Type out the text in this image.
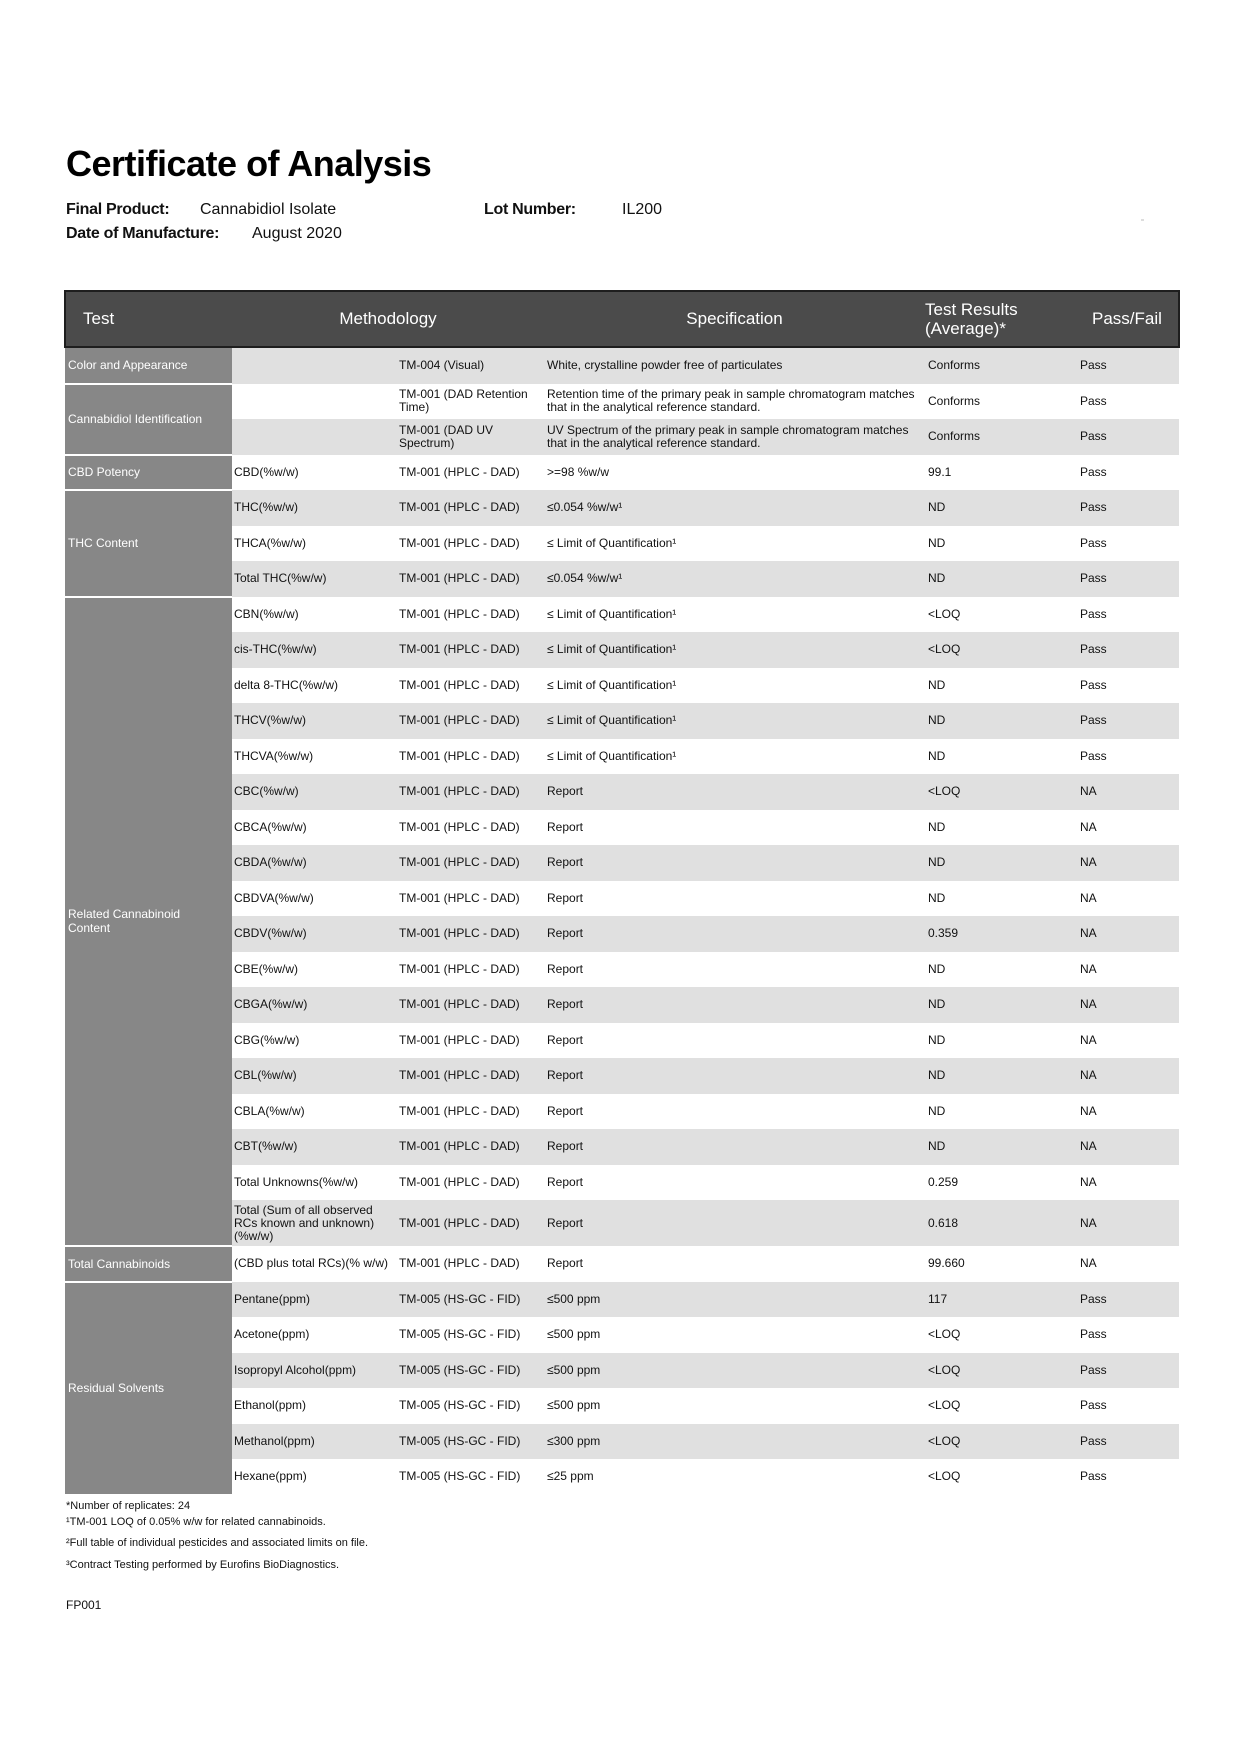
Certificate of Analysis
Final Product: Cannabidiol Isolate	Lot Number:	IL200
Date of Manufacture: August 2020
Test	Methodology		Specification	Test Results
(Average)*	Pass/Fail
Color and Appearance		TM-004 (Visual)	White, crystalline powder free of particulates	Conforms	Pass
Cannabidiol Identification		TM-001 (DAD Retention Time)	Retention time of the primary peak in sample chromatogram matches that in the analytical reference standard.	Conforms	Pass
		TM-001 (DAD UV Spectrum)	UV Spectrum of the primary peak in sample chromatogram matches that in the analytical reference standard.	Conforms	Pass
CBD Potency	CBD(%w/w)	TM-001 (HPLC - DAD)	>=98 %w/w	99.1	Pass
THC Content	THC(%w/w)	TM-001 (HPLC - DAD)	≤0.054 %w/w¹	ND	Pass
	THCA(%w/w)	TM-001 (HPLC - DAD)	≤ Limit of Quantification¹	ND	Pass
	Total THC(%w/w)	TM-001 (HPLC - DAD)	≤0.054 %w/w¹	ND	Pass
Related Cannabinoid
Content	CBN(%w/w)	TM-001 (HPLC - DAD)	≤ Limit of Quantification¹	<LOQ	Pass
	cis-THC(%w/w)	TM-001 (HPLC - DAD)	≤ Limit of Quantification¹	<LOQ	Pass
	delta 8-THC(%w/w)	TM-001 (HPLC - DAD)	≤ Limit of Quantification¹	ND	Pass
	THCV(%w/w)	TM-001 (HPLC - DAD)	≤ Limit of Quantification¹	ND	Pass
	THCVA(%w/w)	TM-001 (HPLC - DAD)	≤ Limit of Quantification¹	ND	Pass
	CBC(%w/w)	TM-001 (HPLC - DAD)	Report	<LOQ	NA
	CBCA(%w/w)	TM-001 (HPLC - DAD)	Report	ND	NA
	CBDA(%w/w)	TM-001 (HPLC - DAD)	Report	ND	NA
	CBDVA(%w/w)	TM-001 (HPLC - DAD)	Report	ND	NA
	CBDV(%w/w)	TM-001 (HPLC - DAD)	Report	0.359	NA
	CBE(%w/w)	TM-001 (HPLC - DAD)	Report	ND	NA
	CBGA(%w/w)	TM-001 (HPLC - DAD)	Report	ND	NA
	CBG(%w/w)	TM-001 (HPLC - DAD)	Report	ND	NA
	CBL(%w/w)	TM-001 (HPLC - DAD)	Report	ND	NA
	CBLA(%w/w)	TM-001 (HPLC - DAD)	Report	ND	NA
	CBT(%w/w)	TM-001 (HPLC - DAD)	Report	ND	NA
	Total Unknowns(%w/w)	TM-001 (HPLC - DAD)	Report	0.259	NA
	Total (Sum of all observed RCs known and unknown) (%w/w)	TM-001 (HPLC - DAD)	Report	0.618	NA
Total Cannabinoids	(CBD plus total RCs)(% w/w)	TM-001 (HPLC - DAD)	Report	99.660	NA
Residual Solvents	Pentane(ppm)	TM-005 (HS-GC - FID)	≤500 ppm	117	Pass
	Acetone(ppm)	TM-005 (HS-GC - FID)	≤500 ppm	<LOQ	Pass
	Isopropyl Alcohol(ppm)	TM-005 (HS-GC - FID)	≤500 ppm	<LOQ	Pass
	Ethanol(ppm)	TM-005 (HS-GC - FID)	≤500 ppm	<LOQ	Pass
	Methanol(ppm)	TM-005 (HS-GC - FID)	≤300 ppm	<LOQ	Pass
	Hexane(ppm)	TM-005 (HS-GC - FID)	≤25 ppm	<LOQ	Pass
*Number of replicates: 24
¹TM-001 LOQ of 0.05% w/w for related cannabinoids.
²Full table of individual pesticides and associated limits on file.
³Contract Testing performed by Eurofins BioDiagnostics.
FP001
